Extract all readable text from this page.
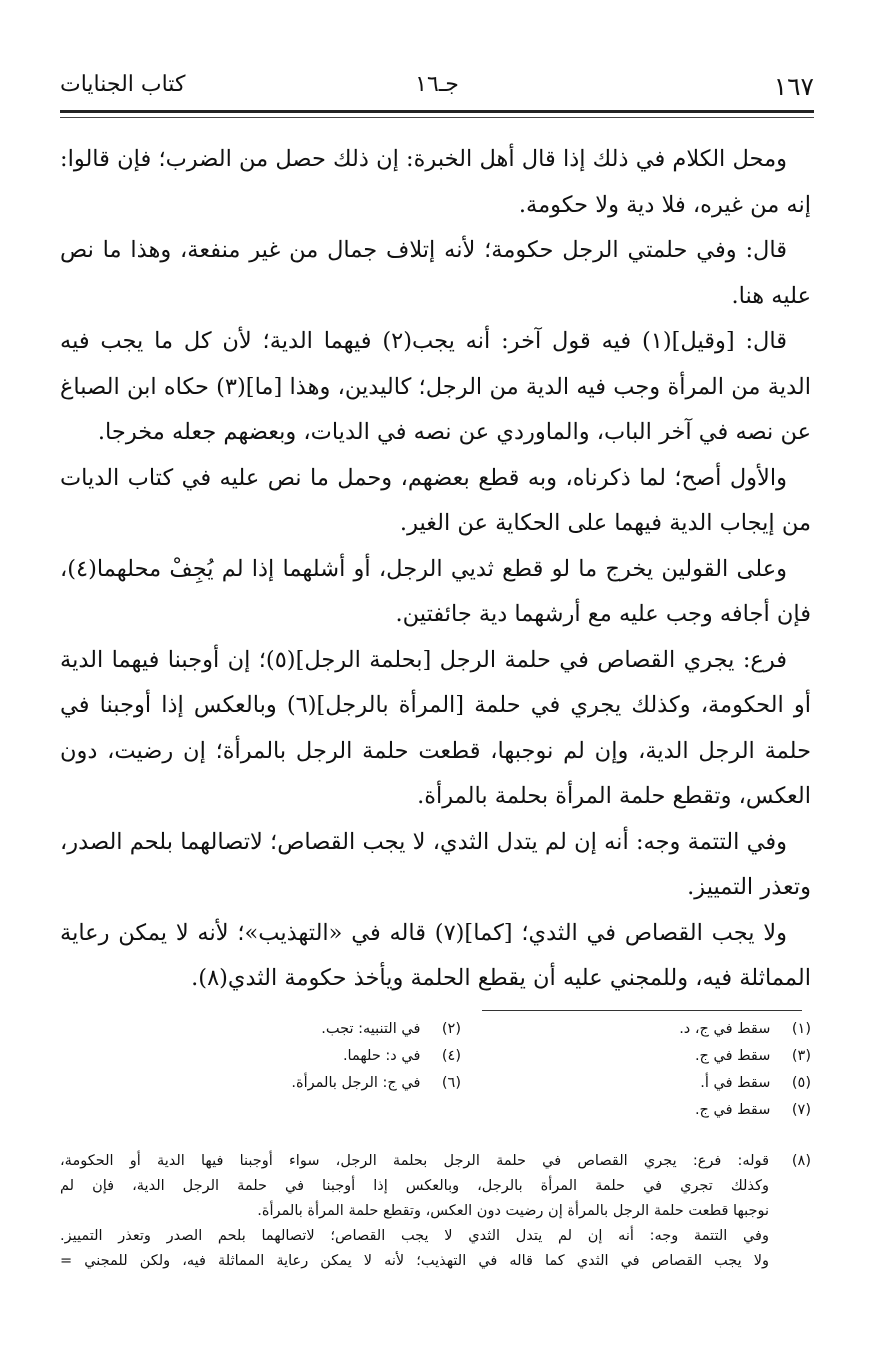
١٦٧
جـ١٦
كتاب الجنايات

ومحل الكلام في ذلك إذا قال أهل الخبرة: إن ذلك حصل من الضرب؛ فإن قالوا: إنه من غيره، فلا دية ولا حكومة.

قال: وفي حلمتي الرجل حكومة؛ لأنه إتلاف جمال من غير منفعة، وهذا ما نص عليه هنا.

قال: [وقيل](١) فيه قول آخر: أنه يجب(٢) فيهما الدية؛ لأن كل ما يجب فيه الدية من المرأة وجب فيه الدية من الرجل؛ كاليدين، وهذا [ما](٣) حكاه ابن الصباغ عن نصه في آخر الباب، والماوردي عن نصه في الديات، وبعضهم جعله مخرجا.

والأول أصح؛ لما ذكرناه، وبه قطع بعضهم، وحمل ما نص عليه في كتاب الديات من إيجاب الدية فيهما على الحكاية عن الغير.

وعلى القولين يخرج ما لو قطع ثديي الرجل، أو أشلهما إذا لم يُجِفْ محلهما(٤)، فإن أجافه وجب عليه مع أرشهما دية جائفتين.

فرع: يجري القصاص في حلمة الرجل [بحلمة الرجل](٥)؛ إن أوجبنا فيهما الدية أو الحكومة، وكذلك يجري في حلمة [المرأة بالرجل](٦) وبالعكس إذا أوجبنا في حلمة الرجل الدية، وإن لم نوجبها، قطعت حلمة الرجل بالمرأة؛ إن رضيت، دون العكس، وتقطع حلمة المرأة بحلمة بالمرأة.

وفي التتمة وجه: أنه إن لم يتدل الثدي، لا يجب القصاص؛ لاتصالهما بلحم الصدر، وتعذر التمييز.

ولا يجب القصاص في الثدي؛ [كما](٧) قاله في «التهذيب»؛ لأنه لا يمكن رعاية المماثلة فيه، وللمجني عليه أن يقطع الحلمة ويأخذ حكومة الثدي(٨).

(١) سقط في ج، د.
(٢) في التنبيه: تجب.
(٣) سقط في ج.
(٤) في د: حلهما.
(٥) سقط في أ.
(٦) في ج: الرجل بالمرأة.
(٧) سقط في ج.
(٨)
قوله: فرع: يجري القصاص في حلمة الرجل بحلمة الرجل، سواء أوجبنا فيها الدية أو الحكومة،
وكذلك تجري في حلمة المرأة بالرجل، وبالعكس إذا أوجبنا في حلمة الرجل الدية، فإن لم
نوجبها قطعت حلمة الرجل بالمرأة إن رضيت دون العكس، وتقطع حلمة المرأة بالمرأة.
وفي التتمة وجه: أنه إن لم يتدل الثدي لا يجب القصاص؛ لاتصالهما بلحم الصدر وتعذر التمييز.
ولا يجب القصاص في الثدي كما قاله في التهذيب؛ لأنه لا يمكن رعاية المماثلة فيه، ولكن للمجني =
